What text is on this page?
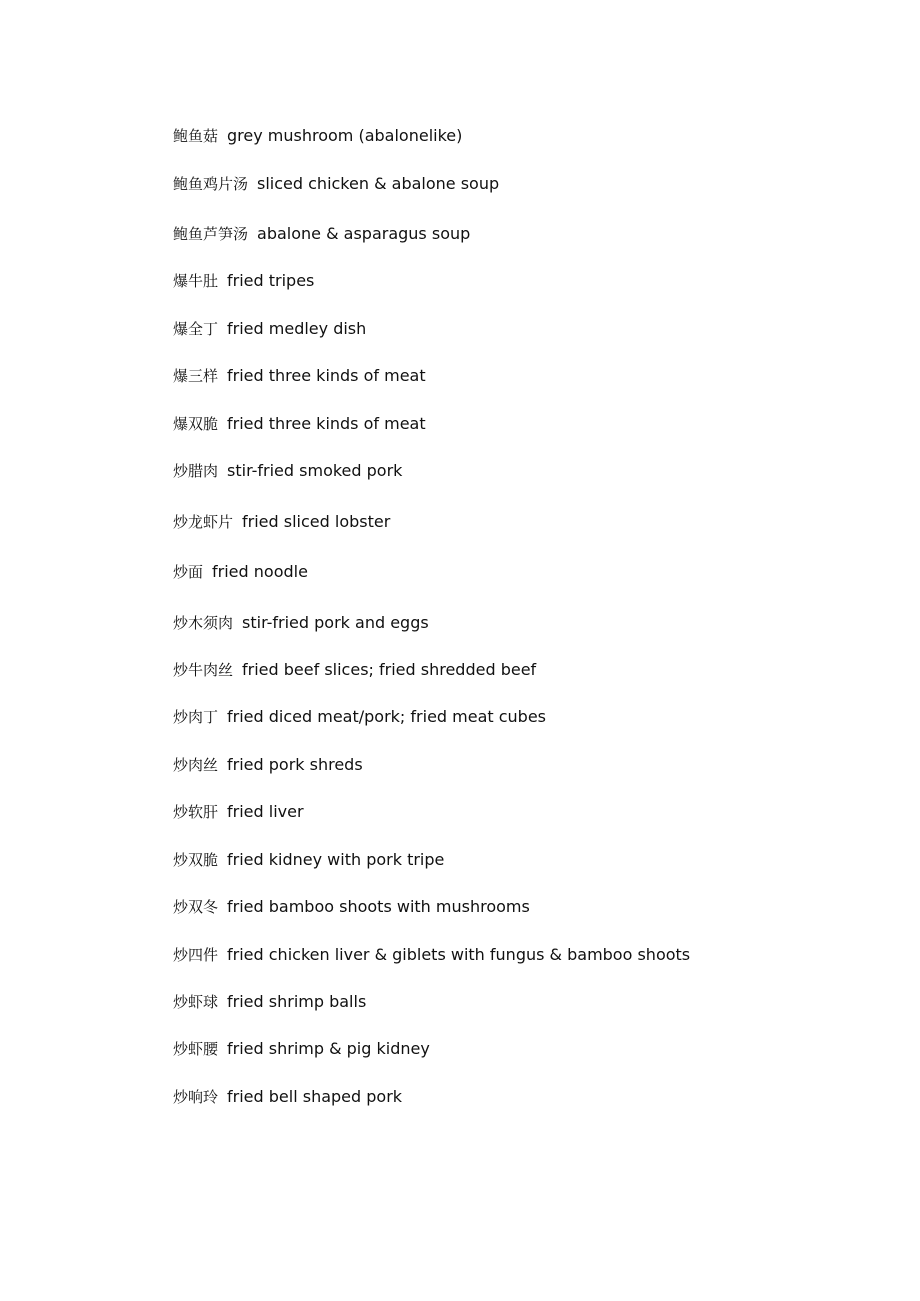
鲍鱼菇 grey mushroom (abalonelike)
鲍鱼鸡片汤 sliced chicken & abalone soup
鲍鱼芦笋汤 abalone & asparagus soup
爆牛肚 fried tripes
爆全丁 fried medley dish
爆三样 fried three kinds of meat
爆双脆 fried three kinds of meat
炒腊肉 stir-fried smoked pork
炒龙虾片 fried sliced lobster
炒面 fried noodle
炒木须肉 stir-fried pork and eggs
炒牛肉丝 fried beef slices; fried shredded beef
炒肉丁 fried diced meat/pork; fried meat cubes
炒肉丝 fried pork shreds
炒软肝 fried liver
炒双脆 fried kidney with pork tripe
炒双冬 fried bamboo shoots with mushrooms
炒四件 fried chicken liver & giblets with fungus & bamboo shoots
炒虾球 fried shrimp balls
炒虾腰 fried shrimp & pig kidney
炒响玲 fried bell shaped pork
